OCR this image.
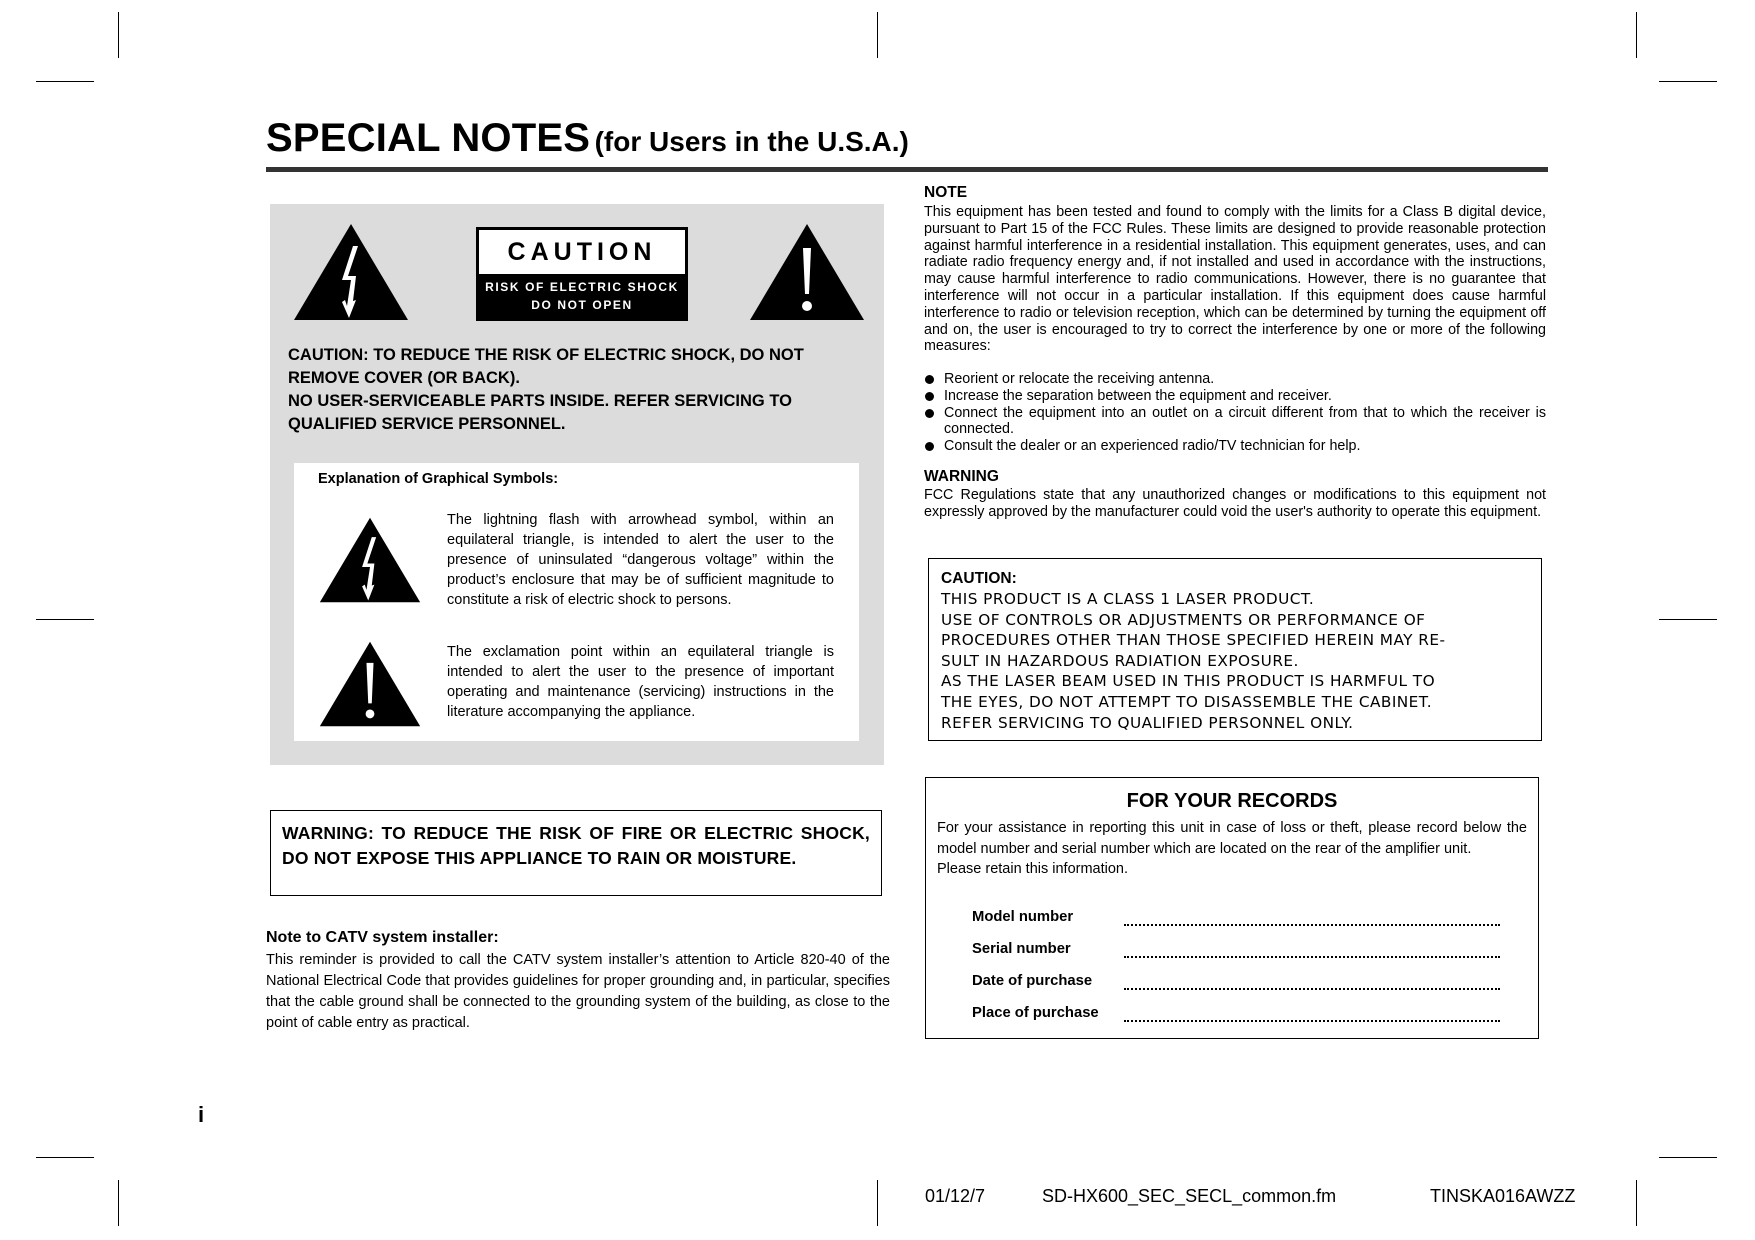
SPECIAL NOTES (for Users in the U.S.A.)
CAUTION
RISK OF ELECTRIC SHOCK
DO NOT OPEN
CAUTION: TO REDUCE THE RISK OF ELECTRIC SHOCK, DO NOT
REMOVE COVER (OR BACK).
NO USER-SERVICEABLE PARTS INSIDE. REFER SERVICING TO
QUALIFIED SERVICE PERSONNEL.
Explanation of Graphical Symbols:
The lightning flash with arrowhead symbol, within an equilateral triangle, is intended to alert the user to the presence of uninsulated “dangerous voltage” within the product’s enclosure that may be of sufficient magnitude to constitute a risk of electric shock to persons.
The exclamation point within an equilateral triangle is intended to alert the user to the presence of important operating and maintenance (servicing) instructions in the literature accompanying the appliance.
WARNING: TO REDUCE THE RISK OF FIRE OR ELECTRIC SHOCK, DO NOT EXPOSE THIS APPLIANCE TO RAIN OR MOISTURE.
Note to CATV system installer:
This reminder is provided to call the CATV system installer’s attention to Article 820-40 of the National Electrical Code that provides guidelines for proper grounding and, in particular, specifies that the cable ground shall be connected to the grounding system of the building, as close to the point of cable entry as practical.
NOTE
This equipment has been tested and found to comply with the limits for a Class B digital device, pursuant to Part 15 of the FCC Rules. These limits are designed to provide reasonable protection against harmful interference in a residential installation. This equipment generates, uses, and can radiate radio frequency energy and, if not installed and used in accordance with the instructions, may cause harmful interference to radio communications. However, there is no guarantee that interference will not occur in a particular installation. If this equipment does cause harmful interference to radio or television reception, which can be determined by turning the equipment off and on, the user is encouraged to try to correct the interference by one or more of the following measures:
Reorient or relocate the receiving antenna.
Increase the separation between the equipment and receiver.
Connect the equipment into an outlet on a circuit different from that to which the receiver is connected.
Consult the dealer or an experienced radio/TV technician for help.
WARNING
FCC Regulations state that any unauthorized changes or modifications to this equipment not expressly approved by the manufacturer could void the user's authority to operate this equipment.
CAUTION:
THIS PRODUCT IS A CLASS 1 LASER PRODUCT.
USE OF CONTROLS OR ADJUSTMENTS OR PERFORMANCE OF
PROCEDURES OTHER THAN THOSE SPECIFIED HEREIN MAY RE-
SULT IN HAZARDOUS RADIATION EXPOSURE.
AS THE LASER BEAM USED IN THIS PRODUCT IS HARMFUL TO
THE EYES, DO NOT ATTEMPT TO DISASSEMBLE THE CABINET.
REFER SERVICING TO QUALIFIED PERSONNEL ONLY.
FOR YOUR RECORDS
For your assistance in reporting this unit in case of loss or theft, please record below the model number and serial number which are located on the rear of the amplifier unit.
Please retain this information.
Model number
Serial number
Date of purchase
Place of purchase
i
01/12/7	SD-HX600_SEC_SECL_common.fm	TINSKA016AWZZ
